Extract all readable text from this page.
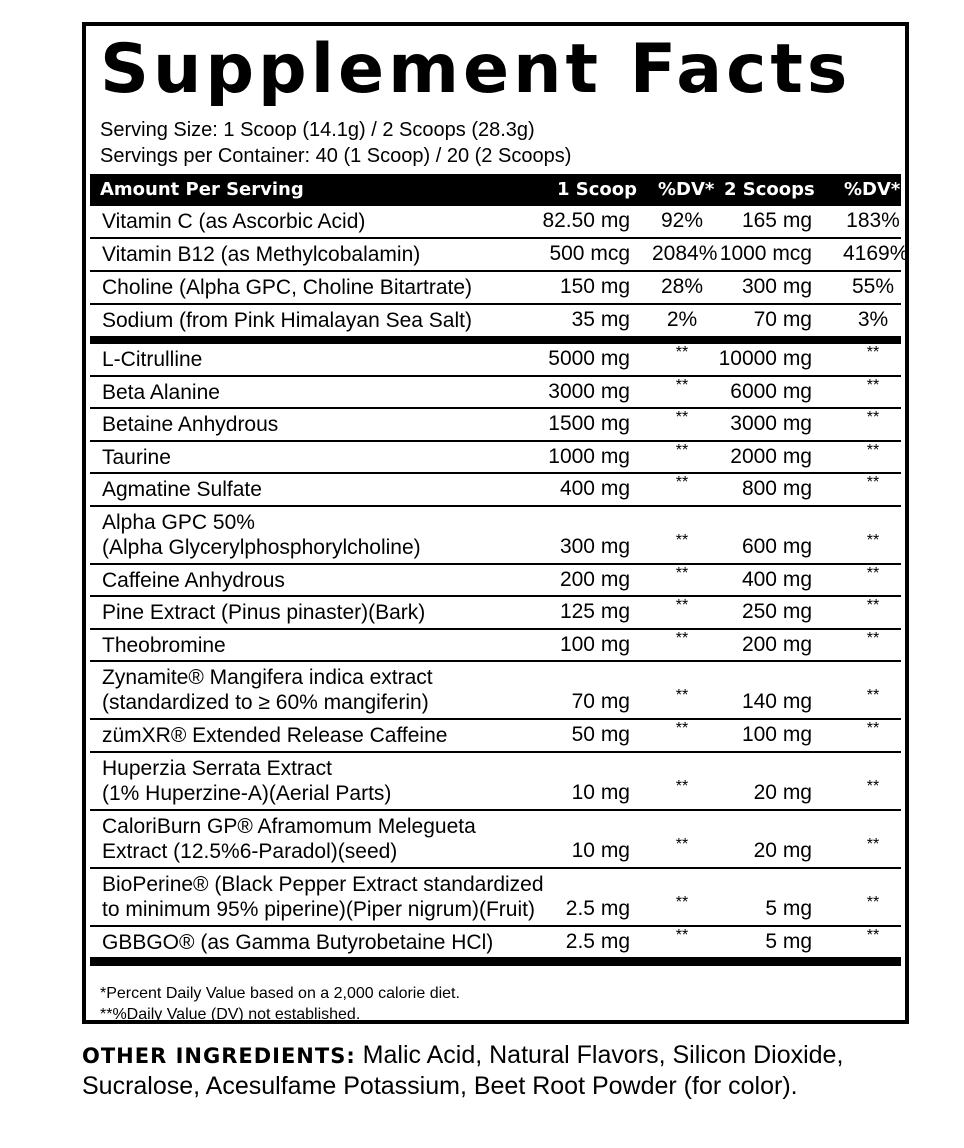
Supplement Facts
Serving Size: 1 Scoop (14.1g) / 2 Scoops (28.3g)
Servings per Container: 40 (1 Scoop) / 20 (2 Scoops)
Amount Per Serving	1 Scoop %DV* 2 Scoops %DV*
Vitamin C (as Ascorbic Acid)	82.50 mg	92%	165 mg 183%
Vitamin B12 (as Methylcobalamin)	500 mcg 2084% 1000 mcg 4169%
Choline (Alpha GPC, Choline Bitartrate)	150 mg	28%	300 mg	55%
Sodium (from Pink Himalayan Sea Salt)	35 mg	2%	70 mg	3%
L-Citrulline	5000 mg	**	10000 mg	**
Beta Alanine	3000 mg	**	6000 mg	**
Betaine Anhydrous	1500 mg	**	3000 mg	**
Taurine	1000 mg	**	2000 mg	**
Agmatine Sulfate	400 mg	**	800 mg	**
Alpha GPC 50%
(Alpha Glycerylphosphorylcholine)	300 mg	**	600 mg	**
Caffeine Anhydrous	200 mg	**	400 mg	**
Pine Extract (Pinus pinaster)(Bark)	125 mg	**	250 mg	**
Theobromine	100 mg	**	200 mg	**
Zynamite® Mangifera indica extract
(standardized to ≥ 60% mangiferin)	70 mg	**	140 mg	**
zümXR® Extended Release Caffeine	50 mg	**	100 mg	**
Huperzia Serrata Extract
(1% Huperzine-A)(Aerial Parts)	10 mg	**	20 mg	**
CaloriBurn GP® Aframomum Melegueta
Extract (12.5%6-Paradol)(seed)	10 mg	**	20 mg	**
BioPerine® (Black Pepper Extract standardized
to minimum 95% piperine)(Piper nigrum)(Fruit) 2.5 mg	**	5 mg	**
GBBGO® (as Gamma Butyrobetaine HCl)	2.5 mg	**	5 mg	**
*Percent Daily Value based on a 2,000 calorie diet.
**%Daily Value (DV) not established.
OTHER INGREDIENTS: Malic Acid, Natural Flavors, Silicon Dioxide,
Sucralose, Acesulfame Potassium, Beet Root Powder (for color).
